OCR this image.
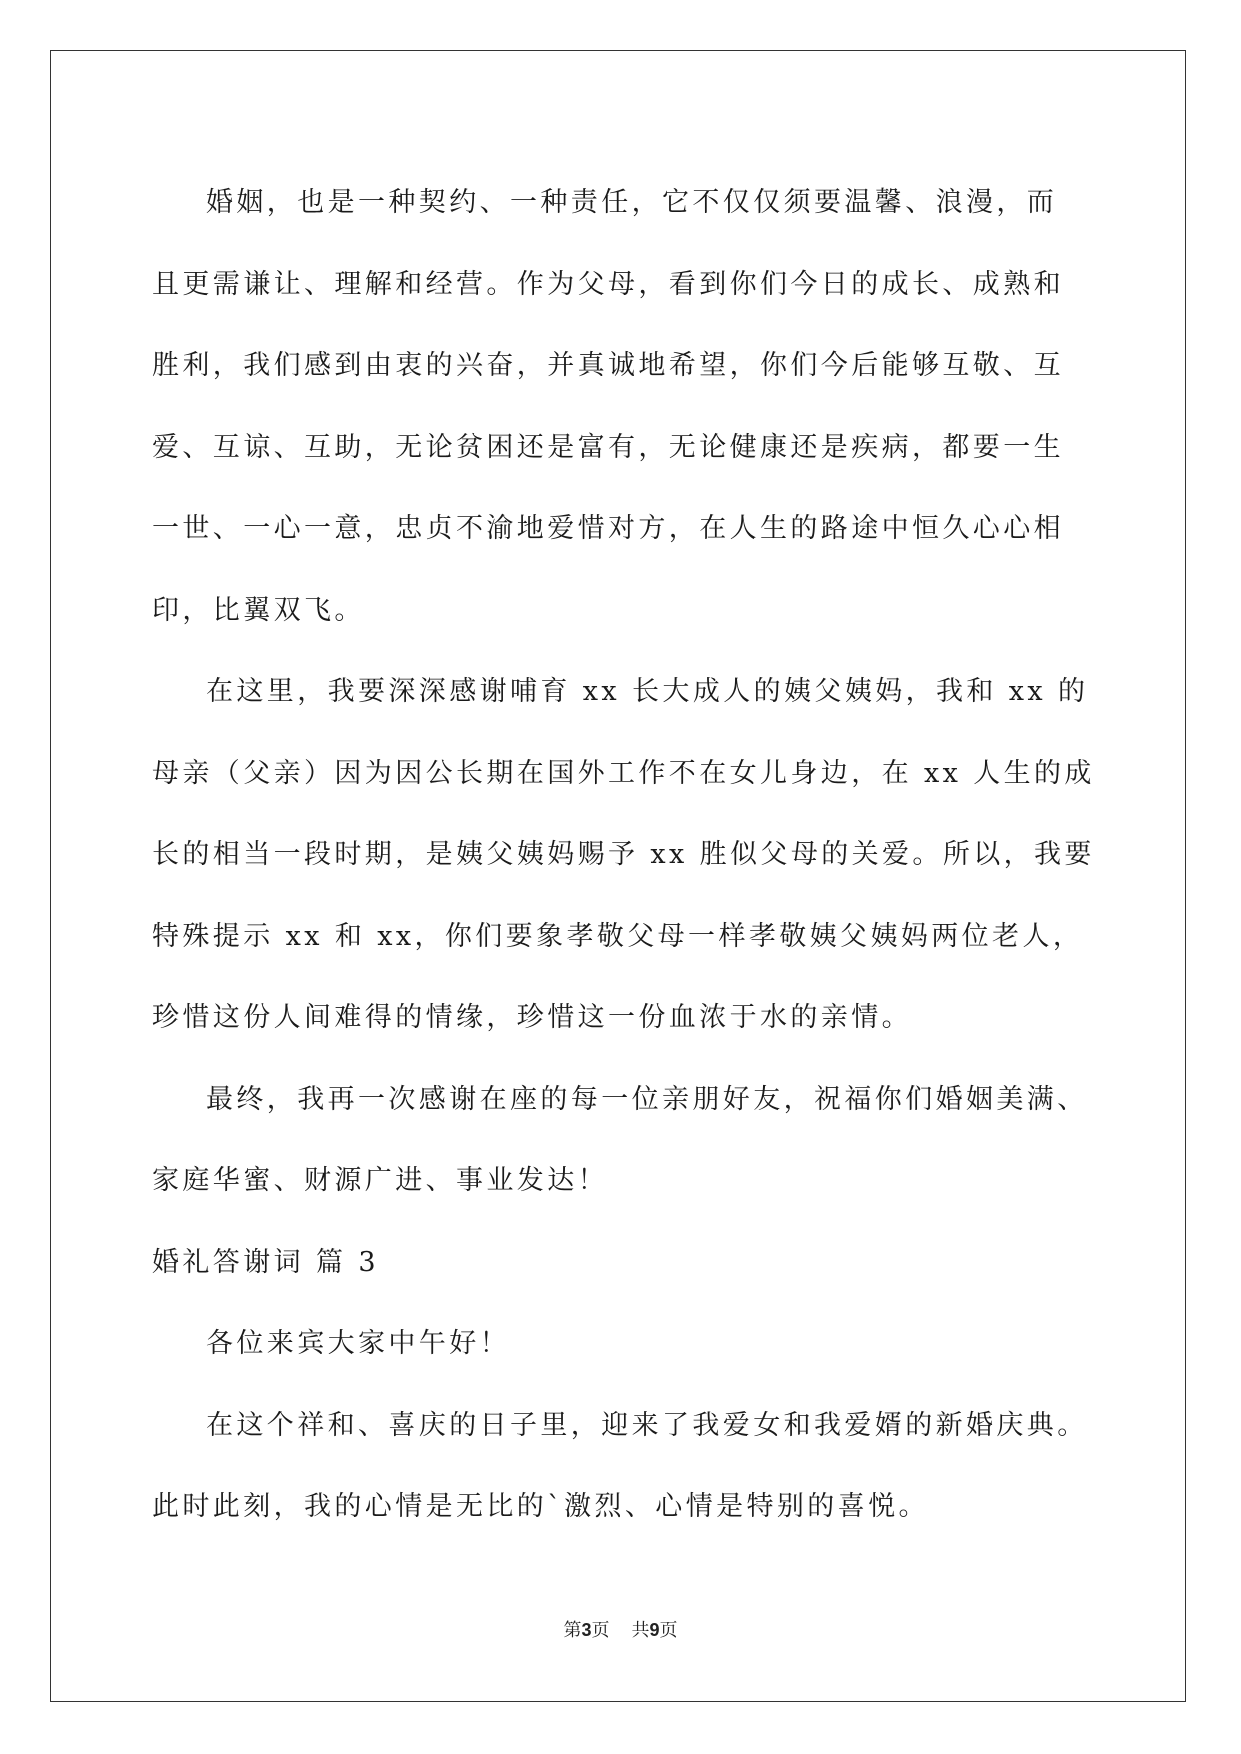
婚姻，也是一种契约、一种责任，它不仅仅须要温馨、浪漫，而
且更需谦让、理解和经营。作为父母，看到你们今日的成长、成熟和
胜利，我们感到由衷的兴奋，并真诚地希望，你们今后能够互敬、互
爱、互谅、互助，无论贫困还是富有，无论健康还是疾病，都要一生
一世、一心一意，忠贞不渝地爱惜对方，在人生的路途中恒久心心相
印，比翼双飞。

在这里，我要深深感谢哺育 xx 长大成人的姨父姨妈，我和 xx 的
母亲（父亲）因为因公长期在国外工作不在女儿身边，在 xx 人生的成
长的相当一段时期，是姨父姨妈赐予 xx 胜似父母的关爱。所以，我要
特殊提示 xx 和 xx，你们要象孝敬父母一样孝敬姨父姨妈两位老人，
珍惜这份人间难得的情缘，珍惜这一份血浓于水的亲情。

最终，我再一次感谢在座的每一位亲朋好友，祝福你们婚姻美满、
家庭华蜜、财源广进、事业发达！

婚礼答谢词 篇 3

各位来宾大家中午好！

在这个祥和、喜庆的日子里，迎来了我爱女和我爱婿的新婚庆典。
此时此刻，我的心情是无比的`激烈、心情是特别的喜悦。

第3页 共9页
